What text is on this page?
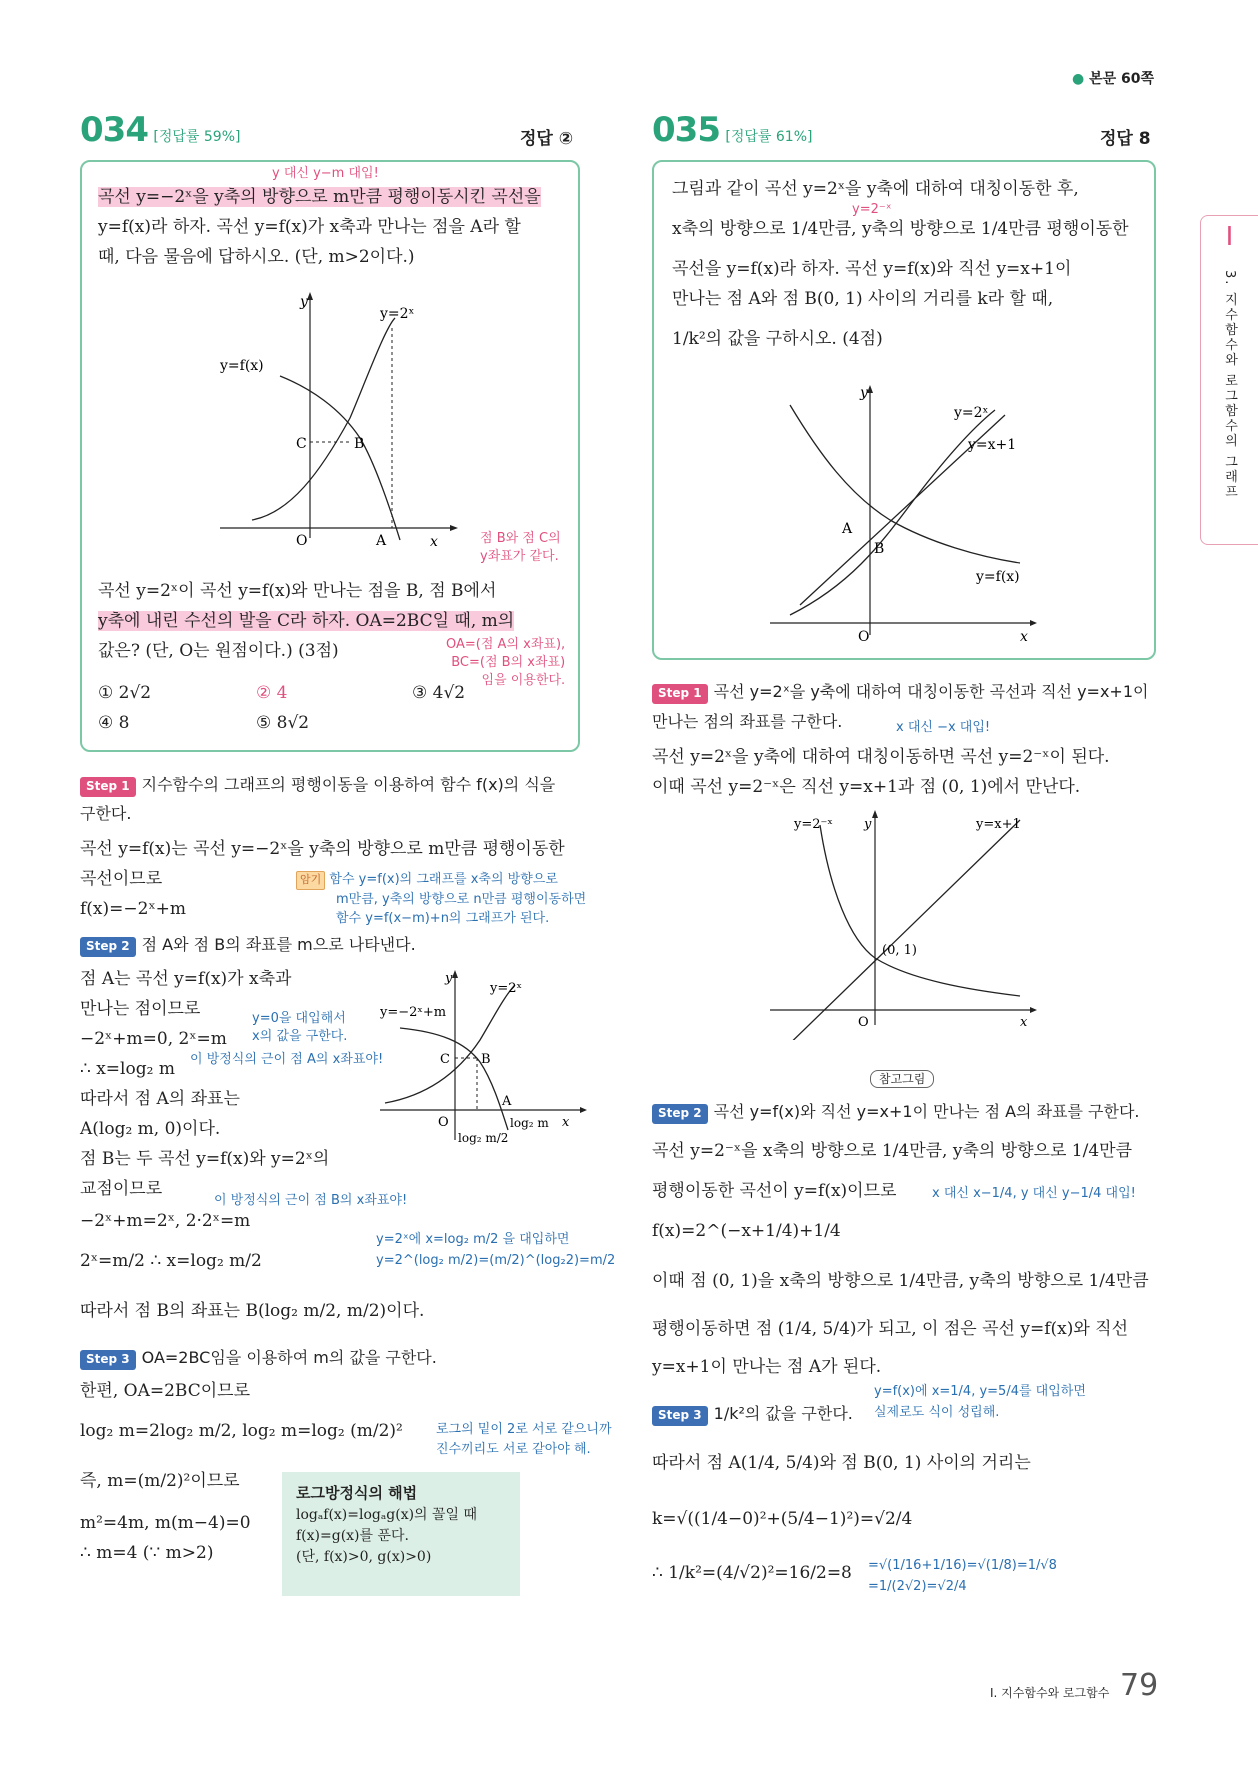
● 본문 60쪽
I
3. 지수함수와 로그함수의 그래프
034 [정답률 59%]	정답 ②
y 대신 y−m 대입!
곡선 y=−2ˣ을 y축의 방향으로 m만큼 평행이동시킨 곡선을
y=f(x)라 하자. 곡선 y=f(x)가 x축과 만나는 점을 A라 할
때, 다음 물음에 답하시오. (단, m>2이다.)
y
x
y=2ˣ
y=f(x)
C	B
O	A	점 B와 점 C의
y좌표가 같다.
곡선 y=2ˣ이 곡선 y=f(x)와 만나는 점을 B, 점 B에서
y축에 내린 수선의 발을 C라 하자. OA=2BC일 때, m의
값은? (단, O는 원점이다.) (3점)	OA=(점 A의 x좌표),
BC=(점 B의 x좌표)
임을 이용한다.
① 2√2	② 4	③ 4√2
④ 8	⑤ 8√2
Step 1 지수함수의 그래프의 평행이동을 이용하여 함수 f(x)의 식을
구한다.
곡선 y=f(x)는 곡선 y=−2ˣ을 y축의 방향으로 m만큼 평행이동한
곡선이므로
f(x)=−2ˣ+m
암기 함수 y=f(x)의 그래프를 x축의 방향으로
m만큼, y축의 방향으로 n만큼 평행이동하면
함수 y=f(x−m)+n의 그래프가 된다.
Step 2 점 A와 점 B의 좌표를 m으로 나타낸다.
점 A는 곡선 y=f(x)가 x축과
만나는 점이므로	y=0을 대입해서
x의 값을 구한다.
−2ˣ+m=0, 2ˣ=m
∴ x=log₂ m 이 방정식의 근이 점 A의 x좌표야!
따라서 점 A의 좌표는
A(log₂ m, 0)이다.
점 B는 두 곡선 y=f(x)와 y=2ˣ의
교점이므로
이 방정식의 근이 점 B의 x좌표야!
−2ˣ+m=2ˣ, 2·2ˣ=m
2ˣ=m/2 ∴ x=log₂ m/2
y=2ˣ에 x=log₂ m/2 을 대입하면
y=2^(log₂ m/2)=(m/2)^(log₂2)=m/2
따라서 점 B의 좌표는 B(log₂ m/2, m/2)이다.
y
x
y=2ˣ
y=−2ˣ+m
C B
A
O	log₂ m
log₂ m/2
Step 3 OA=2BC임을 이용하여 m의 값을 구한다.
한편, OA=2BC이므로
log₂ m=2log₂ m/2, log₂ m=log₂ (m/2)²	로그의 밑이 2로 서로 같으니까
진수끼리도 서로 같아야 해.
즉, m=(m/2)²이므로
m²=4m, m(m−4)=0
∴ m=4 (∵ m>2)
로그방정식의 해법
logₐf(x)=logₐg(x)의 꼴일 때
f(x)=g(x)를 푼다.
(단, f(x)>0, g(x)>0)
035 [정답률 61%]	정답 8
그림과 같이 곡선 y=2ˣ을 y축에 대하여 대칭이동한 후,
y=2⁻ˣ
x축의 방향으로 1/4만큼, y축의 방향으로 1/4만큼 평행이동한
곡선을 y=f(x)라 하자. 곡선 y=f(x)와 직선 y=x+1이
만나는 점 A와 점 B(0, 1) 사이의 거리를 k라 할 때,
1/k²의 값을 구하시오. (4점)
y
x
y=2ˣ
y=x+1
y=f(x)
A
B
O
Step 1 곡선 y=2ˣ을 y축에 대하여 대칭이동한 곡선과 직선 y=x+1이
만나는 점의 좌표를 구한다.	x 대신 −x 대입!
곡선 y=2ˣ을 y축에 대하여 대칭이동하면 곡선 y=2⁻ˣ이 된다.
이때 곡선 y=2⁻ˣ은 직선 y=x+1과 점 (0, 1)에서 만난다.
y=2⁻ˣ y	y=x+1
(0, 1)
O	x
참고그림
Step 2 곡선 y=f(x)와 직선 y=x+1이 만나는 점 A의 좌표를 구한다.
곡선 y=2⁻ˣ을 x축의 방향으로 1/4만큼, y축의 방향으로 1/4만큼
평행이동한 곡선이 y=f(x)이므로	x 대신 x−1/4, y 대신 y−1/4 대입!
f(x)=2^(−x+1/4)+1/4
이때 점 (0, 1)을 x축의 방향으로 1/4만큼, y축의 방향으로 1/4만큼
평행이동하면 점 (1/4, 5/4)가 되고, 이 점은 곡선 y=f(x)와 직선
y=x+1이 만나는 점 A가 된다.
y=f(x)에 x=1/4, y=5/4를 대입하면
실제로도 식이 성립해.
Step 3 1/k²의 값을 구한다.
따라서 점 A(1/4, 5/4)와 점 B(0, 1) 사이의 거리는
k=√((1/4−0)²+(5/4−1)²)=√2/4
∴ 1/k²=(4/√2)²=16/2=8 =√(1/16+1/16)=√(1/8)=1/√8
=1/(2√2)=√2/4
I. 지수함수와 로그함수 79
